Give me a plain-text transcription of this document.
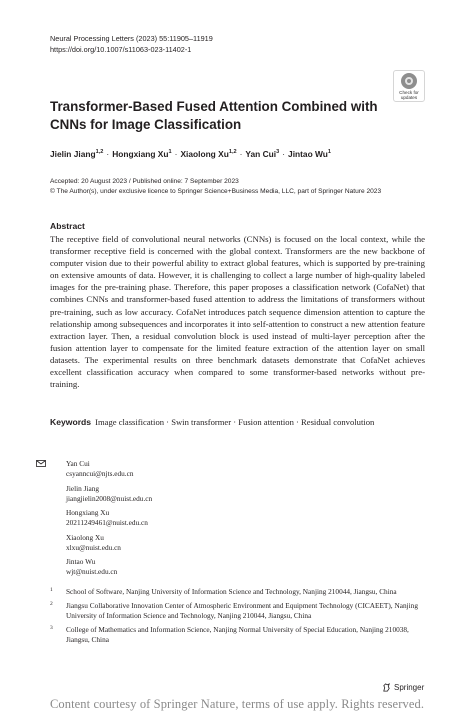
Neural Processing Letters (2023) 55:11905–11919
https://doi.org/10.1007/s11063-023-11402-1
Check for
updates
Transformer-Based Fused Attention Combined with CNNs for Image Classification
Jielin Jiang$^{1,2}$ · Hongxiang $Xu^1$ · Xiaolong Xu$^{1,2}$ · Yan Cui$^3$ · Jintao Wu$^1$
Accepted: 20 August 2023 / Published online: 7 September 2023
© The Author(s), under exclusive licence to Springer Science+Business Media, LLC, part of Springer Nature 2023
Abstract
The receptive field of convolutional neural networks (CNNs) is focused on the local context, while the transformer receptive field is concerned with the global context. Transformers are the new backbone of computer vision due to their powerful ability to extract global features, which is supported by pre-training on extensive amounts of data. However, it is challenging to collect a large number of high-quality labeled images for the pre-training phase. Therefore, this paper proposes a classification network (CofaNet) that combines CNNs and transformer-based fused attention to address the limitations of transformers without pre-training, such as low accuracy. CofaNet introduces patch sequence dimension attention to capture the relationship among subsequences and incorporates it into self-attention to construct a new attention feature extraction layer. Then, a residual convolution block is used instead of multi-layer perception after the fusion attention layer to compensate for the limited feature extraction of the attention layer on small datasets. The experimental results on three benchmark datasets demonstrate that CofaNet achieves excellent classification accuracy when compared to some transformer-based networks without pre-training.
Keywords Image classification · Swin transformer · Fusion attention · Residual convolution
Yan Cui
csyanncui@njts.edu.cn
Jielin Jiang
jiangjielin2008@nuist.edu.cn
Hongxiang Xu
20211249461@nuist.edu.cn
Xiaolong Xu
xlxu@nuist.edu.cn
Jintao Wu
wjt@nuist.edu.cn
1 School of Software, Nanjing University of Information Science and Technology, Nanjing 210044, Jiangsu, China
2 Jiangsu Collaborative Innovation Center of Atmospheric Environment and Equipment Technology (CICAEET), Nanjing University of Information Science and Technology, Nanjing 210044, Jiangsu, China
3 College of Mathematics and Information Science, Nanjing Normal University of Special Education, Nanjing 210038, Jiangsu, China
Springer
Content courtesy of Springer Nature, terms of use apply. Rights reserved.
